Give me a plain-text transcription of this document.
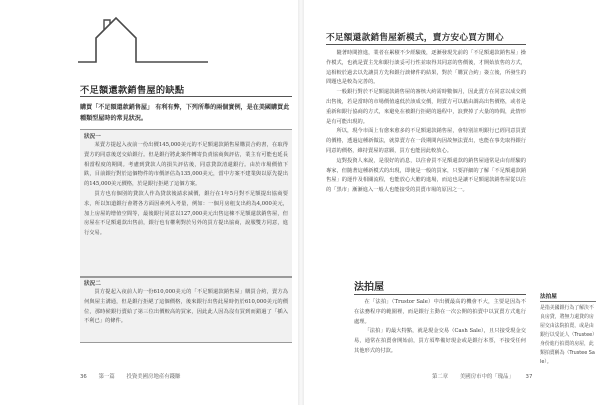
不足額還款銷售屋的缺點
購買「不足額還款銷售屋」 有利有弊，下列所舉的兩個實例，是在美國購買此種類型屋時的常見狀況。
狀況一

某賣方提起入夜前一份出價145,000美元的不足額還款銷售屋購買合約書，在取得賣方的同意後送交給銀行。但是銀行將此案件轉寄負責協商與評估，業主有可能也延長相當程度的期間。考慮到貸款人的損失評估後，同意貸款清還銀行。由於市場價值下跌，目前銀行對於這個物件的市價評估為135,000美元，當中方案不建業與以原先提出的145,000美元價格，於是銀行拒絕了這個方案。

買方也有個別的貸款人作為貸款後請求減價，銀行在1年5月對不足額提出協商要求，所以知道銀行會將各方面因素列入考量，例如：一個月房租支出約為4,000美元，加上房屋的增值空間等，最後銀行同意以127,000美元出售這棟不足額還款銷售屋，但房屋在不足額還款出售前，銀行也有權利對於另外的買方提出協商，說服雙方同意，進行交易。

狀況二

買方提起入夜前人的一份610,000美元的「不足額還款銷售屋」購買合約，賣方為何與屋主溝通，但是銀行拒絕了這個價格，後來銀行出售此屋時仍於610,000美元的價位，那時候銀行賣給了第三位出價較高的買家，因此此人因為沒有買到而錯過了「插入不利已」的條件。

36 第一篇 投資美國房地產有錢賺
不足額還款銷售屋新模式，賣方安心買方開心

隨著時間推進，業者在累積不少經驗後，逐漸發現先前的「不足額還款銷售屋」操作模式，也就是賣主先和銀行談妥可行性並取得其同意的售價後，才開始放售的方式，這相較於過去以先讓買方先和銀行談條件的結果，對於「購買合約」簽立後，所發生的問題也是較為完善的。

一般銀行對於不足額還款銷售屋的審核大約需時數個月，因此賣方在同意以成交價出售後，若是當時的市場價值遠低於該成交價，則賣方可以藉由調高出售價格，或者是重新和銀行協商的方式，來避免在被銀行拒絕的過程中，浪費掉了大量的時間，此情形是有可能出現的。

所以，現今市面上有愈來愈多的不足額還款銷售屋，會特別註明銀行已經同意買賣的價格，透過這種新做法，就算賣方在一段期間內因故無法賣出，也能在事先取得銀行同意的價格，維持賣屋的意願，買方也能因此較放心。

這對投資人來說，是很好的消息，以往會買不足額還款的銷售屋通常是由有經驗的專家，但隨著這種新模式的出現，即使是一般的買家，只要詳細的了解「不足額還款銷售屋」的運作及相關流程，也能放心大膽的進場，而這也是讓不足額還款銷售屋從以往的「黑市」漸漸進入一般人也能接受的買賣市場的原因之一。

法拍屋

在「法拍」（Trustor Sale）中出價最高的機會不大，主要是因為不在法務程序的範圍裡，而是銀行主動在一次公開的拍賣中以買賣方式進行處理。

「法拍」的最大特點，就是現金交易（Cash Sale），且只接受現金交易，通常在拍賣會開始前，買方須準備好現金或是銀行本票，不接受任何其他形式的付款。

法拍屋
是指美國銀行為了解決不良房貸，將無力還貸的房屋交由法院拍賣，或是由銀行以受託人（Trustee）身份進行拍賣的房屋，此類拍賣稱為（Trustee Sale）。
第二章 美國房市中的「瑰品」 37
